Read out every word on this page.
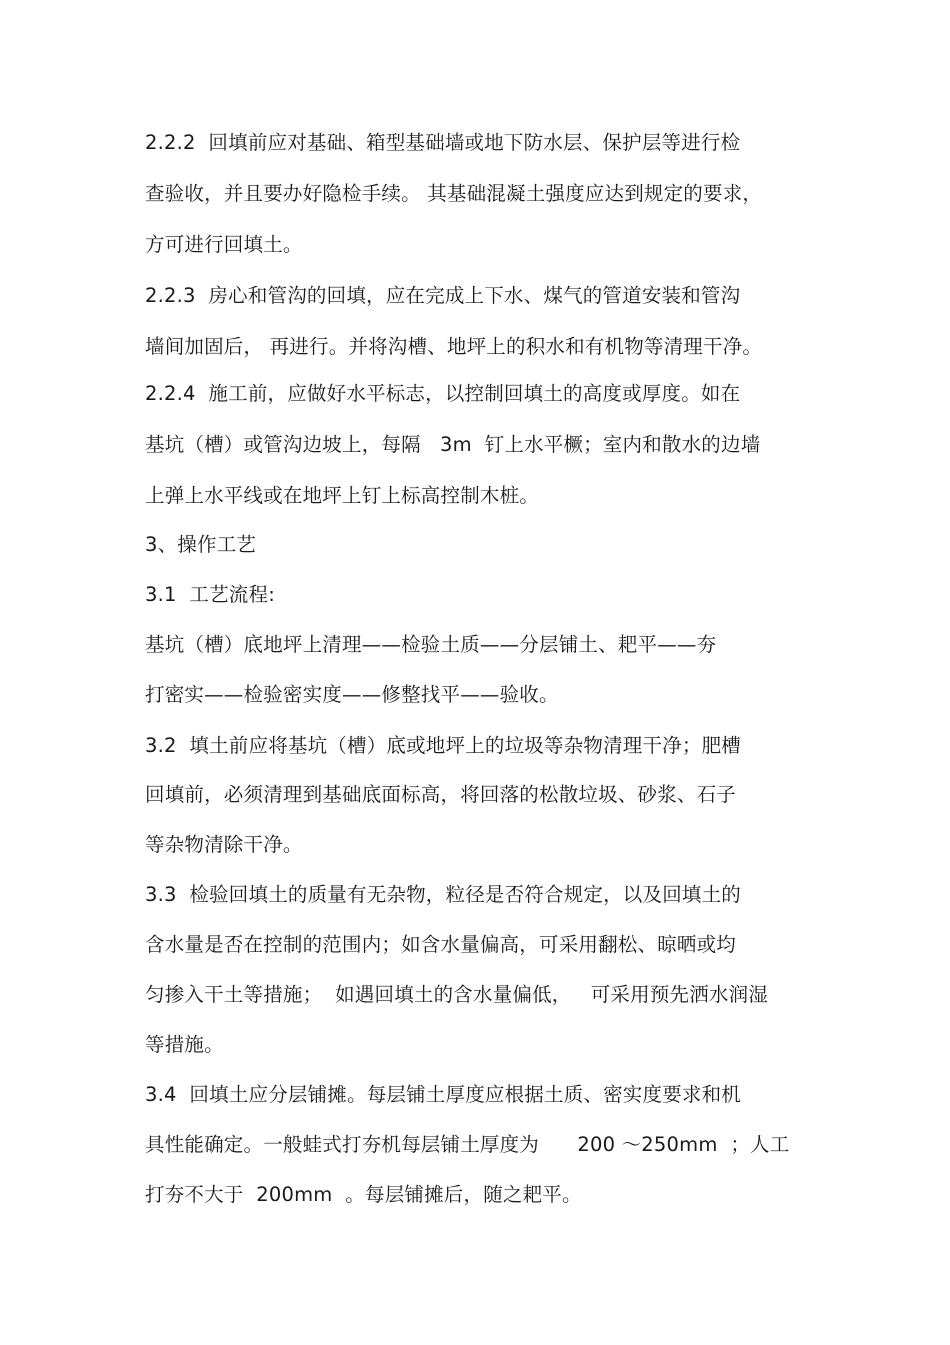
2.2.2  回填前应对基础、箱型基础墙或地下防水层、保护层等进行检
查验收，并且要办好隐检手续。 其基础混凝土强度应达到规定的要求，
方可进行回填土。
2.2.3  房心和管沟的回填，应在完成上下水、煤气的管道安装和管沟
墙间加固后， 再进行。并将沟槽、地坪上的积水和有机物等清理干净。
2.2.4  施工前，应做好水平标志，以控制回填土的高度或厚度。如在
基坑（槽）或管沟边坡上，每隔   3m  钉上水平橛；室内和散水的边墙
上弹上水平线或在地坪上钉上标高控制木桩。
3、操作工艺
3.1  工艺流程:
基坑（槽）底地坪上清理——检验土质——分层铺土、耙平——夯
打密实——检验密实度——修整找平——验收。
3.2  填土前应将基坑（槽）底或地坪上的垃圾等杂物清理干净；肥槽
回填前，必须清理到基础底面标高，将回落的松散垃圾、砂浆、石子
等杂物清除干净。
3.3  检验回填土的质量有无杂物，粒径是否符合规定，以及回填土的
含水量是否在控制的范围内；如含水量偏高，可采用翻松、晾晒或均
匀掺入干土等措施；  如遇回填土的含水量偏低，   可采用预先洒水润湿
等措施。
3.4  回填土应分层铺摊。每层铺土厚度应根据土质、密实度要求和机
具性能确定。一般蛙式打夯机每层铺土厚度为      200 ～250mm  ；人工
打夯不大于  200mm  。每层铺摊后，随之耙平。
